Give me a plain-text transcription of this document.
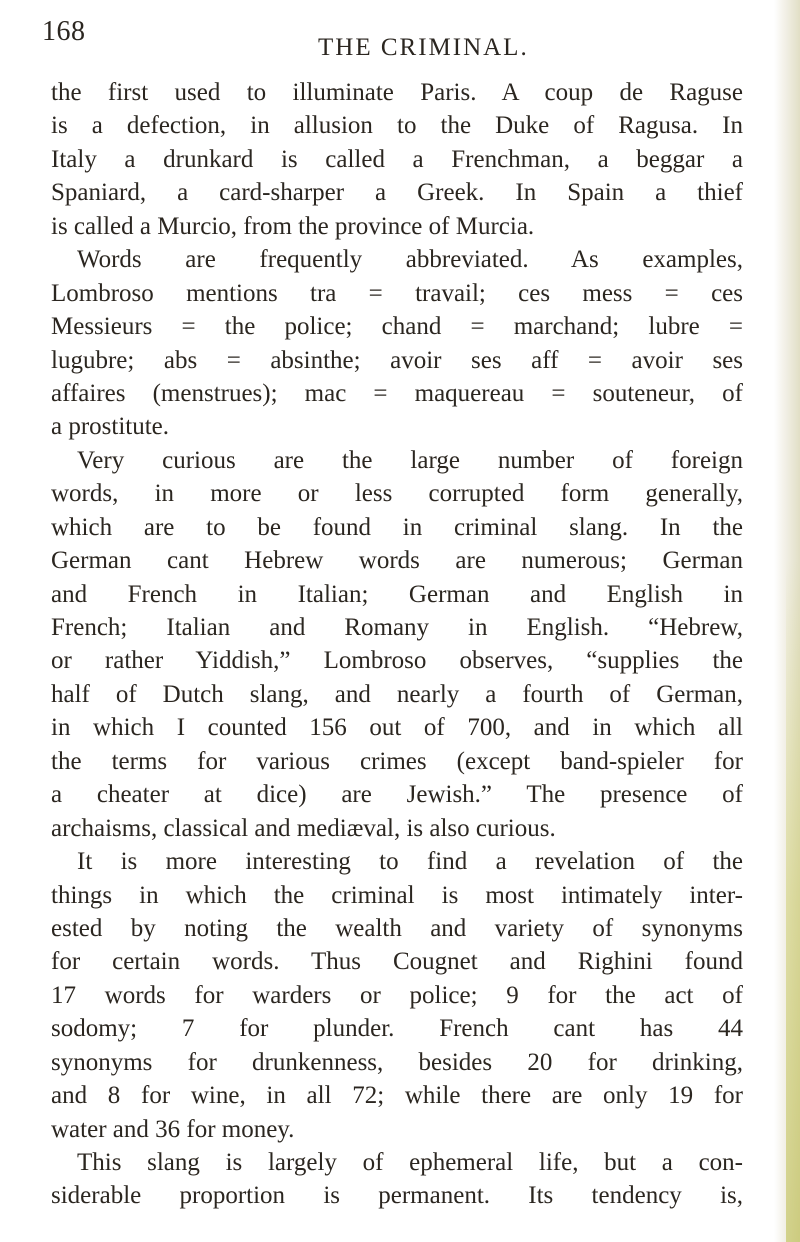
168
THE CRIMINAL.
the first used to illuminate Paris. A coup de Raguse
is a defection, in allusion to the Duke of Ragusa. In
Italy a drunkard is called a Frenchman, a beggar a
Spaniard, a card-sharper a Greek. In Spain a thief
is called a Murcio, from the province of Murcia.
Words are frequently abbreviated. As examples,
Lombroso mentions tra = travail; ces mess = ces
Messieurs = the police; chand = marchand; lubre =
lugubre; abs = absinthe; avoir ses aff = avoir ses
affaires (menstrues); mac = maquereau = souteneur, of
a prostitute.
Very curious are the large number of foreign
words, in more or less corrupted form generally,
which are to be found in criminal slang. In the
German cant Hebrew words are numerous; German
and French in Italian; German and English in
French; Italian and Romany in English. “Hebrew,
or rather Yiddish,” Lombroso observes, “supplies the
half of Dutch slang, and nearly a fourth of German,
in which I counted 156 out of 700, and in which all
the terms for various crimes (except band-spieler for
a cheater at dice) are Jewish.” The presence of
archaisms, classical and mediæval, is also curious.
It is more interesting to find a revelation of the
things in which the criminal is most intimately inter-
ested by noting the wealth and variety of synonyms
for certain words. Thus Cougnet and Righini found
17 words for warders or police; 9 for the act of
sodomy; 7 for plunder. French cant has 44
synonyms for drunkenness, besides 20 for drinking,
and 8 for wine, in all 72; while there are only 19 for
water and 36 for money.
This slang is largely of ephemeral life, but a con-
siderable proportion is permanent. Its tendency is,
